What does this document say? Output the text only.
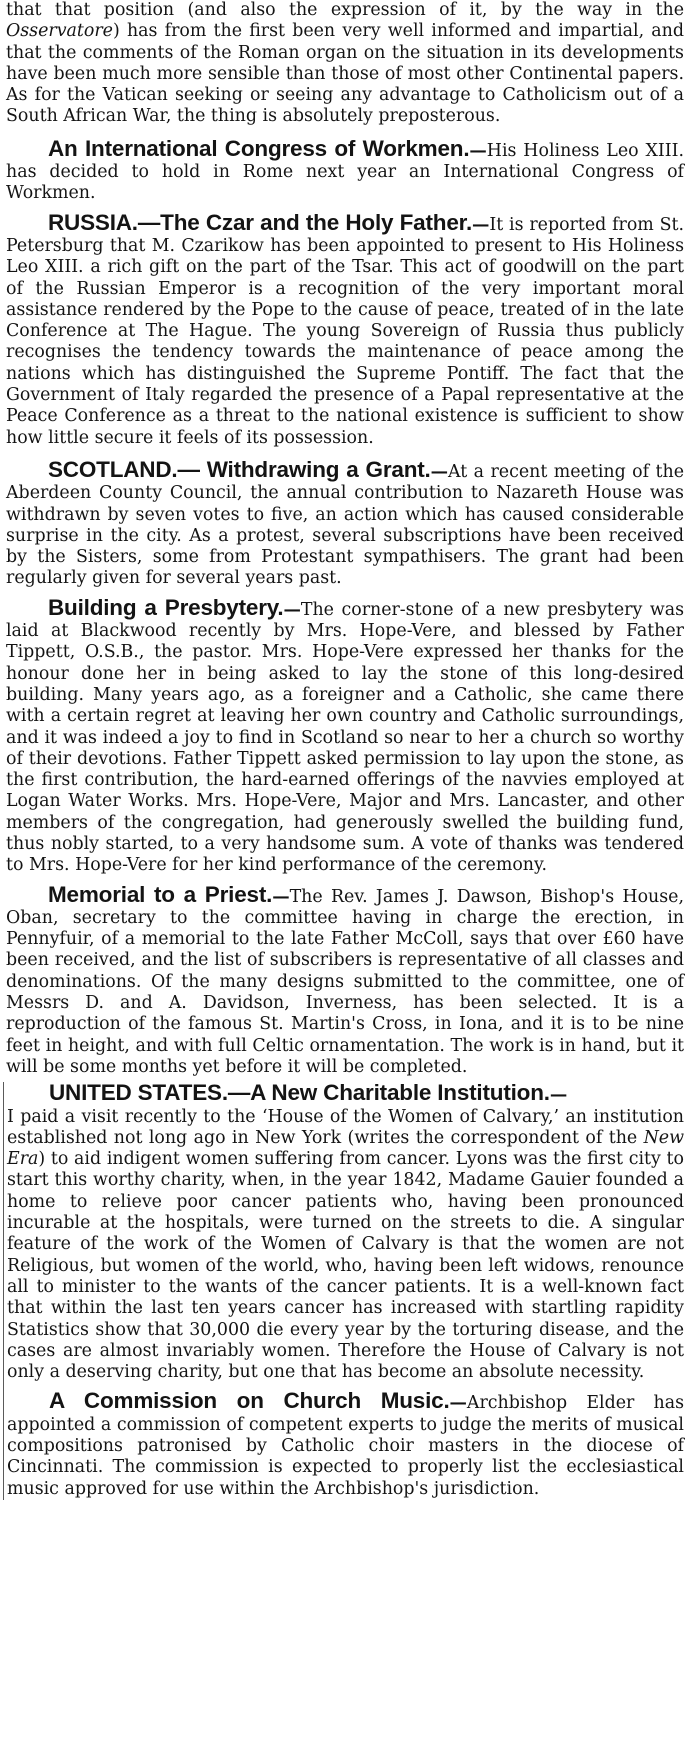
that that position (and also the expression of it, by the way in the Osservatore) has from the first been very well informed and impartial, and that the comments of the Roman organ on the situation in its developments have been much more sensible than those of most other Continental papers. As for the Vatican seeking or seeing any advantage to Catholicism out of a South African War, the thing is absolutely preposterous.

An International Congress of Workmen.—His Holiness Leo XIII. has decided to hold in Rome next year an International Congress of Workmen.

RUSSIA.—The Czar and the Holy Father.—It is reported from St. Petersburg that M. Czarikow has been appointed to present to His Holiness Leo XIII. a rich gift on the part of the Tsar. This act of goodwill on the part of the Russian Emperor is a recognition of the very important moral assistance rendered by the Pope to the cause of peace, treated of in the late Conference at The Hague. The young Sovereign of Russia thus publicly recognises the tendency towards the maintenance of peace among the nations which has distinguished the Supreme Pontiff. The fact that the Government of Italy regarded the presence of a Papal representative at the Peace Conference as a threat to the national existence is sufficient to show how little secure it feels of its possession.

SCOTLAND.— Withdrawing a Grant.—At a recent meeting of the Aberdeen County Council, the annual contribution to Nazareth House was withdrawn by seven votes to five, an action which has caused considerable surprise in the city. As a protest, several subscriptions have been received by the Sisters, some from Protestant sympathisers. The grant had been regularly given for several years past.

Building a Presbytery.—The corner-stone of a new presbytery was laid at Blackwood recently by Mrs. Hope-Vere, and blessed by Father Tippett, O.S.B., the pastor. Mrs. Hope-Vere expressed her thanks for the honour done her in being asked to lay the stone of this long-desired building. Many years ago, as a foreigner and a Catholic, she came there with a certain regret at leaving her own country and Catholic surroundings, and it was indeed a joy to find in Scotland so near to her a church so worthy of their devotions. Father Tippett asked permission to lay upon the stone, as the first contribution, the hard-earned offerings of the navvies employed at Logan Water Works. Mrs. Hope-Vere, Major and Mrs. Lancaster, and other members of the congregation, had generously swelled the building fund, thus nobly started, to a very handsome sum. A vote of thanks was tendered to Mrs. Hope-Vere for her kind performance of the ceremony.

Memorial to a Priest.—The Rev. James J. Dawson, Bishop's House, Oban, secretary to the committee having in charge the erection, in Pennyfuir, of a memorial to the late Father McColl, says that over £60 have been received, and the list of subscribers is representative of all classes and denominations. Of the many designs submitted to the committee, one of Messrs D. and A. Davidson, Inverness, has been selected. It is a reproduction of the famous St. Martin's Cross, in Iona, and it is to be nine feet in height, and with full Celtic ornamentation. The work is in hand, but it will be some months yet before it will be completed.

UNITED STATES.—A New Charitable Institution.—

I paid a visit recently to the ‘House of the Women of Calvary,’ an institution established not long ago in New York (writes the correspondent of the New Era) to aid indigent women suffering from cancer. Lyons was the first city to start this worthy charity, when, in the year 1842, Madame Gauier founded a home to relieve poor cancer patients who, having been pronounced incurable at the hospitals, were turned on the streets to die. A singular feature of the work of the Women of Calvary is that the women are not Religious, but women of the world, who, having been left widows, renounce all to minister to the wants of the cancer patients. It is a well-known fact that within the last ten years cancer has increased with startling rapidity Statistics show that 30,000 die every year by the torturing disease, and the cases are almost invariably women. Therefore the House of Calvary is not only a deserving charity, but one that has become an absolute necessity.

A Commission on Church Music.—Archbishop Elder has appointed a commission of competent experts to judge the merits of musical compositions patronised by Catholic choir masters in the diocese of Cincinnati. The commission is expected to properly list the ecclesiastical music approved for use within the Archbishop's jurisdiction.
